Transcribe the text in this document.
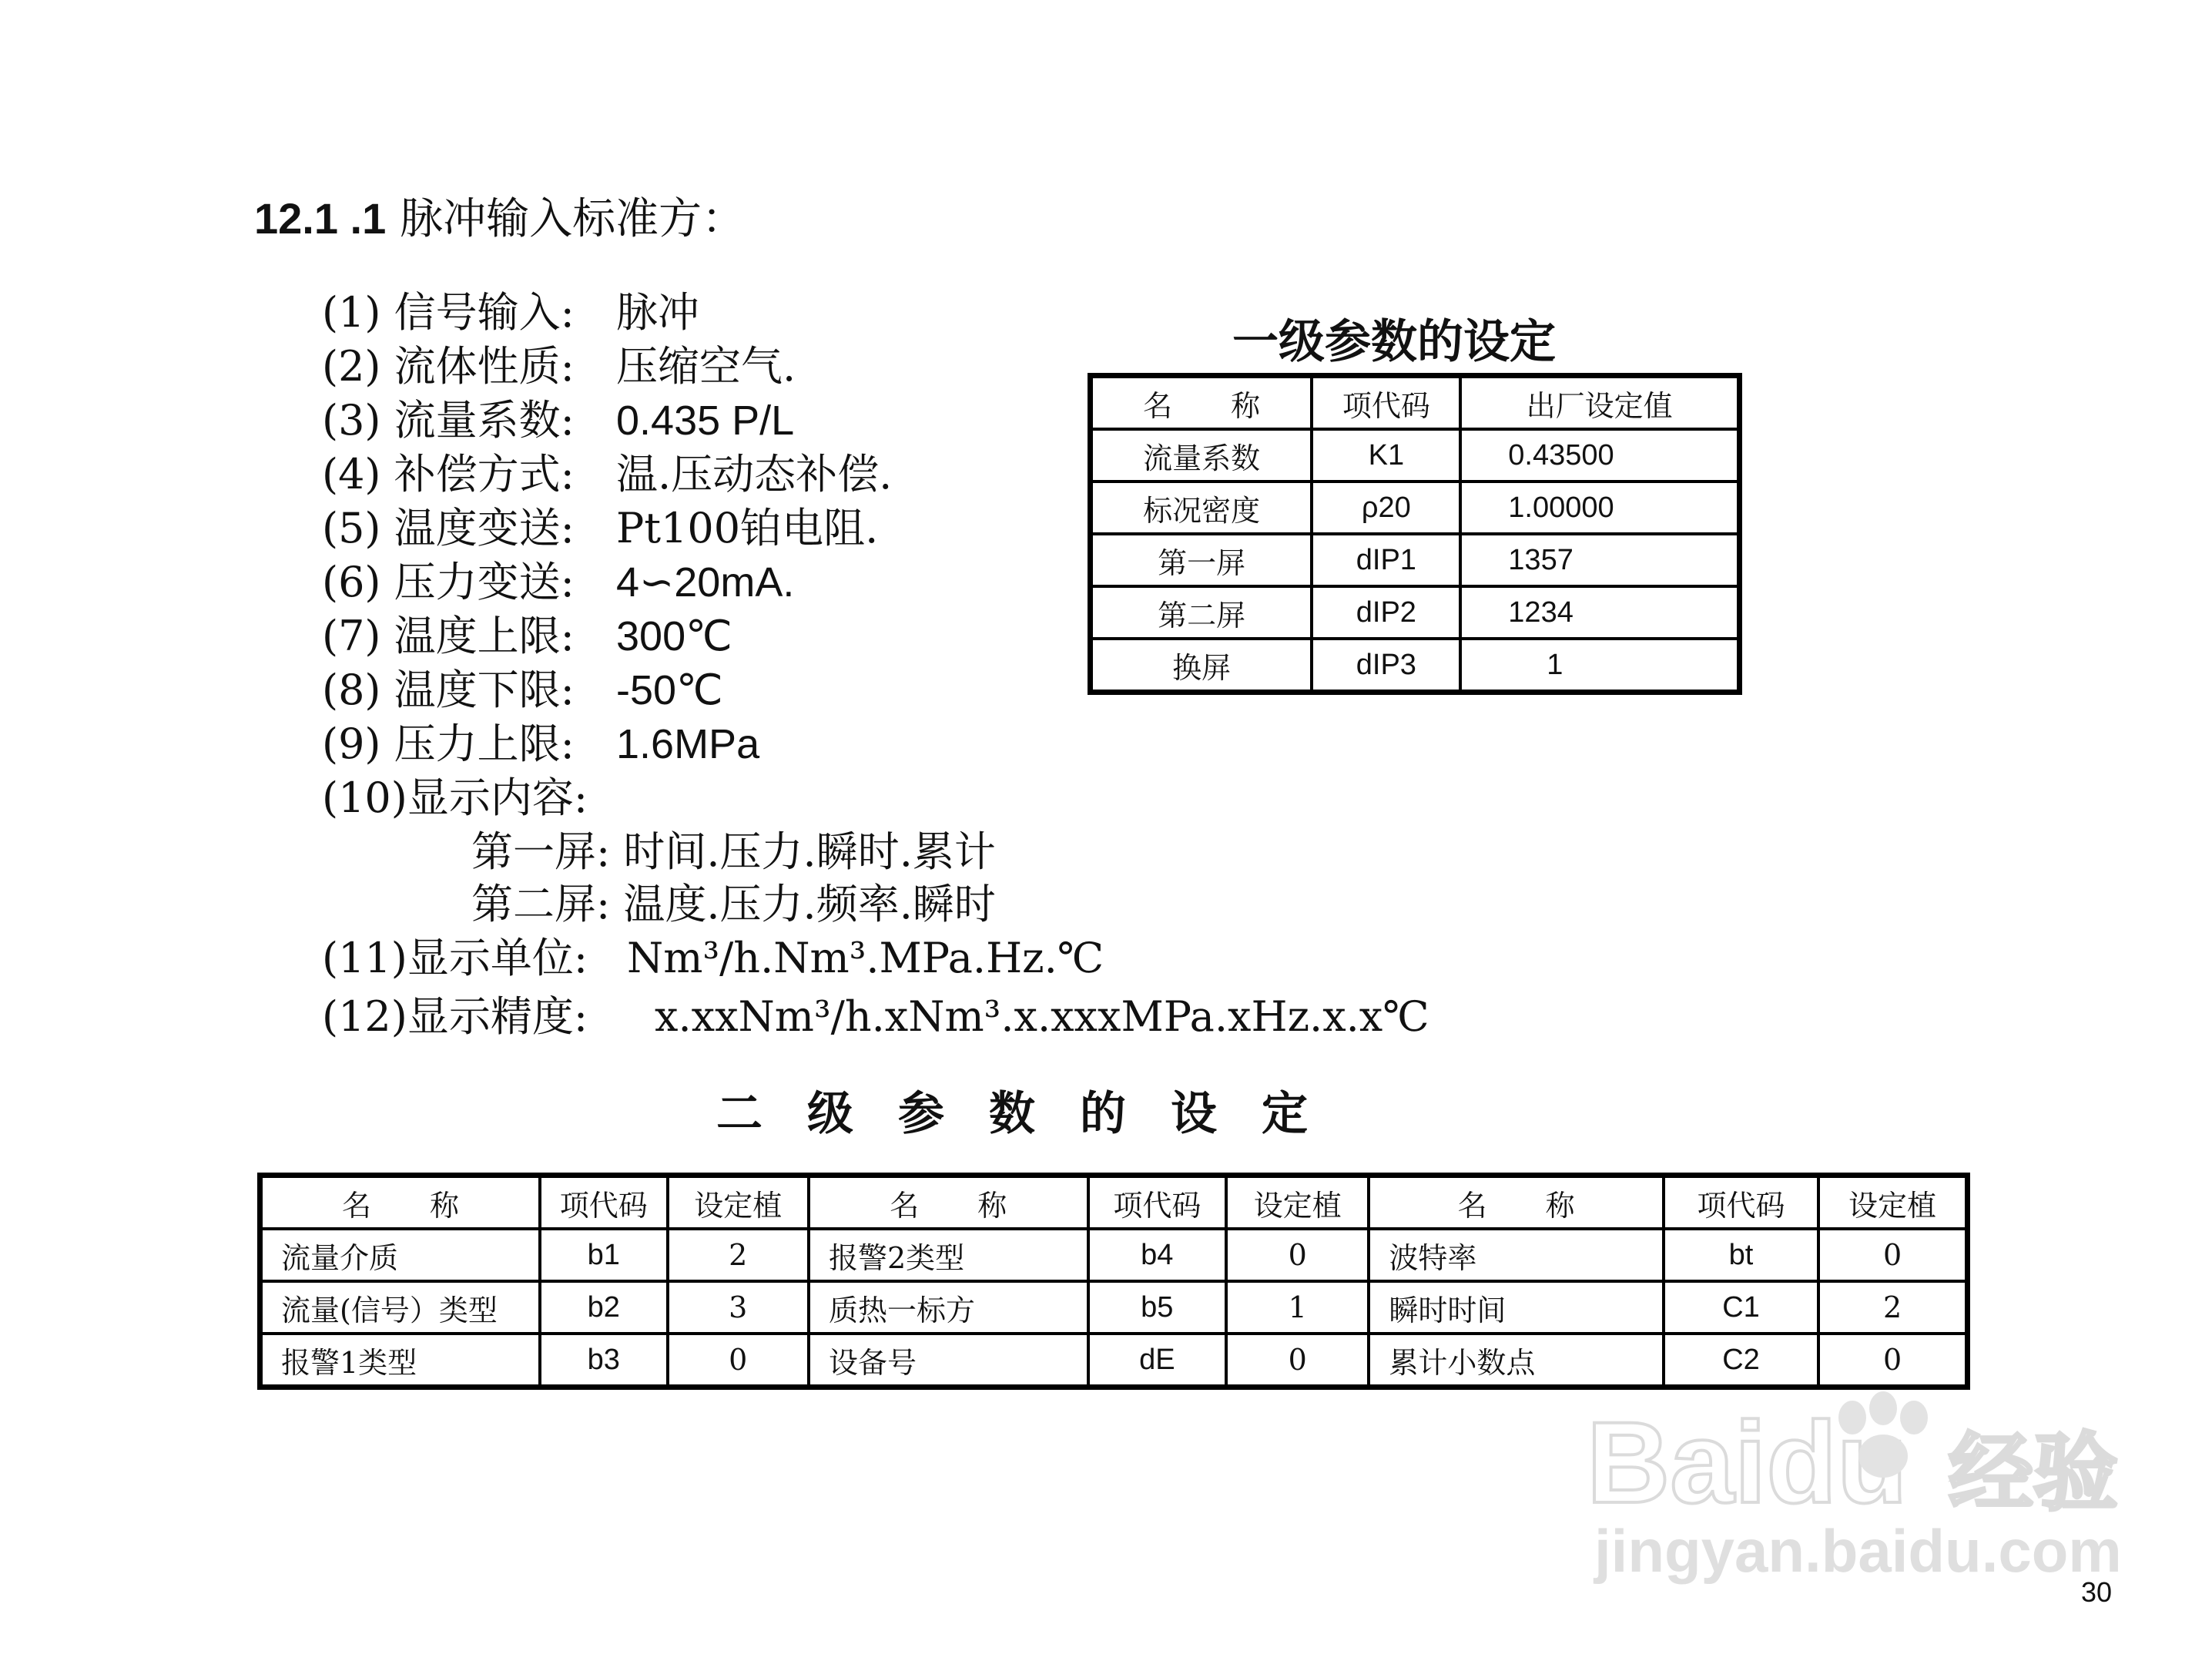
12.1 .1 脉冲输入标准方：
(1) 信号输入: 脉冲
(2) 流体性质: 压缩空气.
(3) 流量系数: 0.435 P/L
(4) 补偿方式: 温.压动态补偿.
(5) 温度变送: Pt100铂电阻.
(6) 压力变送: 4∽20mA.
(7) 温度上限: 300℃
(8) 温度下限: -50℃
(9) 压力上限: 1.6MPa
(10)显示内容:
第一屏: 时间.压力.瞬时.累计
第二屏: 温度.压力.频率.瞬时
(11)显示单位: Nm³/h.Nm³.MPa.Hz.℃
(12)显示精度: x.xxNm³/h.xNm³.x.xxxMPa.xHz.x.x℃
一级参数的设定
名　　称	项代码	出厂设定值
流量系数	K1	0.43500
标况密度	ρ20	1.00000
第一屏	dIP1	1357
第二屏	dIP2	1234
换屏	dIP3	1
二级参数的设定
名　　称	项代码	设定植	名　　称	项代码	设定植	名　　称	项代码	设定植
流量介质	b1	2	报警2类型	b4	0	波特率	bt	0
流量(信号）类型	b2	3	质热一标方	b5	1	瞬时时间	C1	2
报警1类型	b3	0	设备号	dE	0	累计小数点	C2	0
Baidu 经验
jingyan.baidu.com
30
